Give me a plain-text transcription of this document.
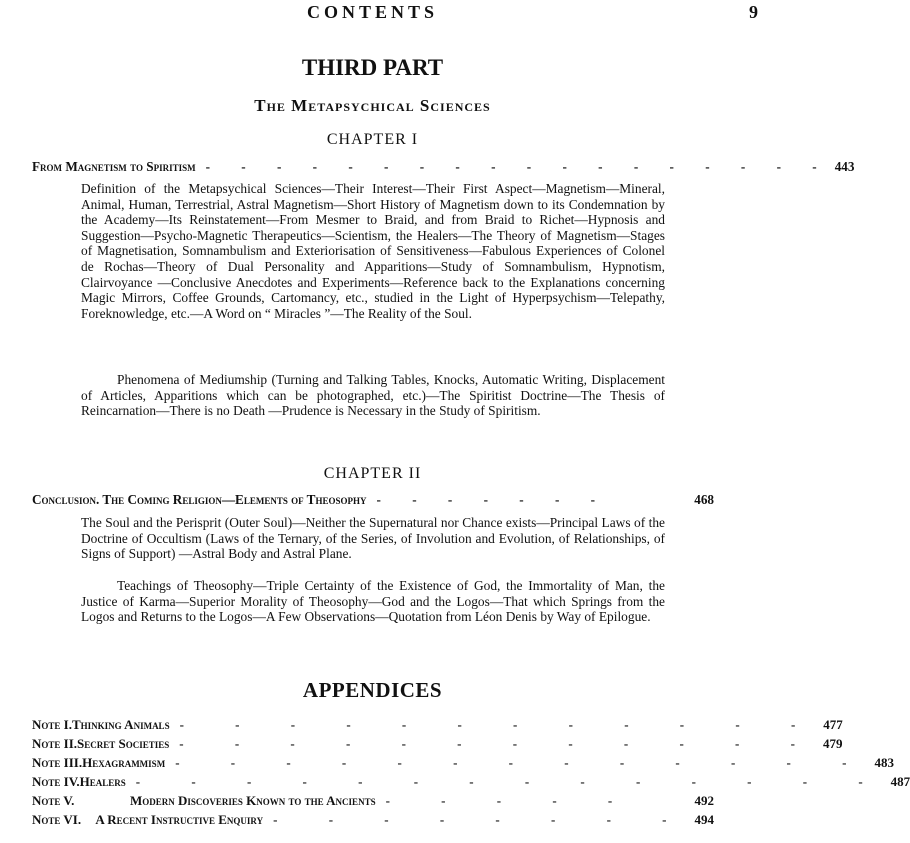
CONTENTS	9
THIRD PART
The Metapsychical Sciences
CHAPTER I
From Magnetism to Spiritism - - - - - - - - - - - - - - - - - - 443

Definition of the Metapsychical Sciences—Their Interest—Their First Aspect—Magnetism—Mineral, Animal, Human, Terrestrial, Astral Magnetism—Short History of Magnetism down to its Condemnation by the Academy—Its Reinstatement—From Mesmer to Braid, and from Braid to Richet—Hypnosis and Suggestion—Psycho-Magnetic Therapeutics—Scientism, the Healers—The Theory of Magnetism—Stages of Magnetisation, Somnambulism and Exteriorisation of Sensitiveness—Fabulous Experiences of Colonel de Rochas—Theory of Dual Personality and Apparitions—Study of Somnambulism, Hypnotism, Clairvoyance —Conclusive Anecdotes and Experiments—Reference back to the Explanations concerning Magic Mirrors, Coffee Grounds, Cartomancy, etc., studied in the Light of Hyperpsychism—Telepathy, Foreknowledge, etc.—A Word on “ Miracles ”—The Reality of the Soul.

Phenomena of Mediumship (Turning and Talking Tables, Knocks, Automatic Writing, Displacement of Articles, Apparitions which can be photographed, etc.)—The Spiritist Doctrine—The Thesis of Reincarnation—There is no Death —Prudence is Necessary in the Study of Spiritism.

CHAPTER II
Conclusion. The Coming Religion—Elements of Theosophy - - - - - - -	468

The Soul and the Perisprit (Outer Soul)—Neither the Supernatural nor Chance exists—Principal Laws of the Doctrine of Occultism (Laws of the Ternary, of the Series, of Involution and Evolution, of Relationships, of Signs of Support) —Astral Body and Astral Plane.

Teachings of Theosophy—Triple Certainty of the Existence of God, the Immortality of Man, the Justice of Karma—Superior Morality of Theosophy—God and the Logos—That which Springs from the Logos and Returns to the Logos—A Few Observations—Quotation from Léon Denis by Way of Epilogue.

APPENDICES
Note I. Thinking Animals - - - - - - - - - - - - 477
Note II. Secret Societies - - - - - - - - - - - - 479
Note III. Hexagrammism - - - - - - - - - - - - - 483
Note IV. Healers - - - - - - - - - - - - - - 487
Note V.	Modern Discoveries Known to the Ancients - - - - -	492
Note VI.	A Recent Instructive Enquiry - - - - - - - - 494
